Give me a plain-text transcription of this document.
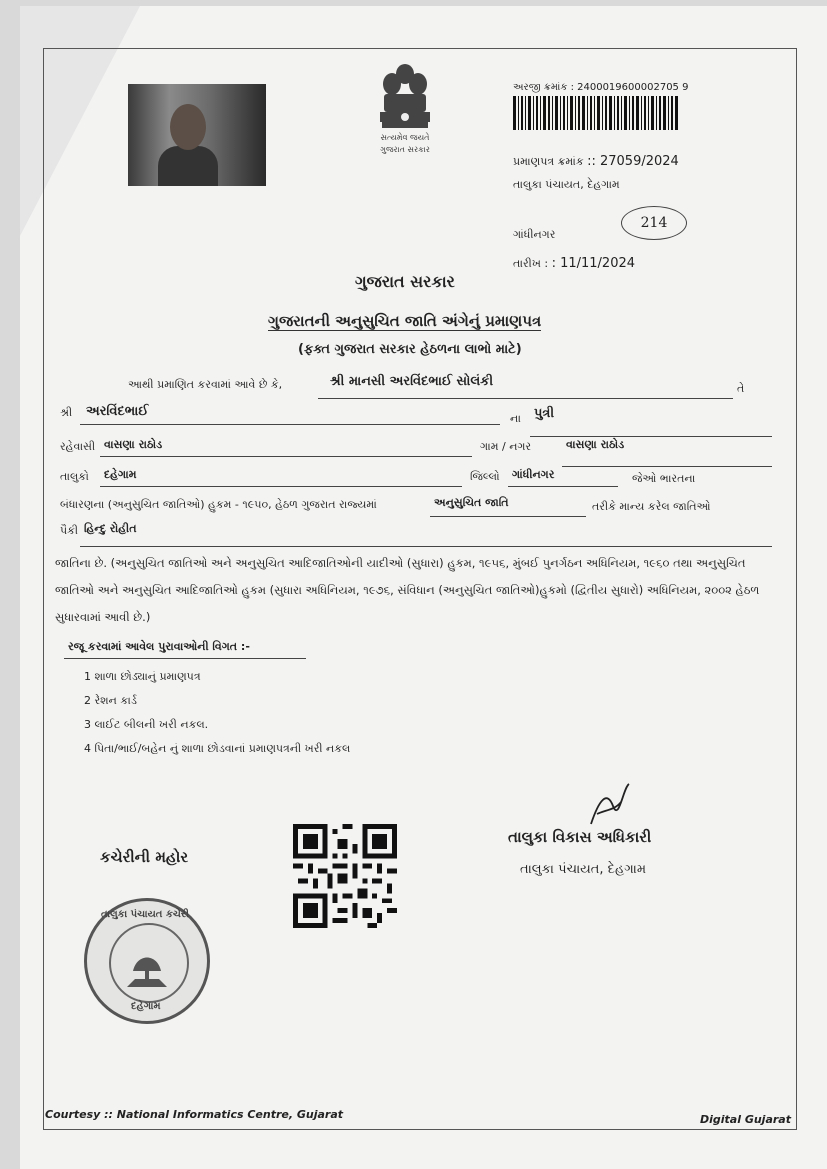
સત્યમેવ જયતે
ગુજરાત સરકાર
અરજી ક્રમાંક : 2400019600002705 9
પ્રમાણપત્ર ક્રમાંક :: 27059/2024
તાલુકા પંચાયત, દેહગામ
ગાંધીનગર
214
તારીખ : : 11/11/2024
ગુજરાત સરકાર
ગુજરાતની અનુસુચિત જાતિ અંગેનું પ્રમાણપત્ર
(ફક્ત ગુજરાત સરકાર હેઠળના લાભો માટે)
આથી પ્રમાણિત કરવામાં આવે છે કે,	શ્રી માનસી અરવિંદભાઈ સોલંકી	તે
શ્રી અરવિંદભાઈ	ના પુત્રી
રહેવાસી વાસણા રાઠોડ	ગામ / નગર	વાસણા રાઠોડ
તાલુકો દહેગામ	જિલ્લો ગાંધીનગર	જેઓ ભારતના
બંધારણના (અનુસુચિત જાતિઓ) હુકમ - ૧૯૫૦, હેઠળ ગુજરાત રાજ્યમાં	અનુસુચિત જાતિ	તરીકે માન્ય કરેલ જાતિઓ
પૈકી હિન્દુ રોહીત
જાતિના છે. (અનુસુચિત જાતિઓ અને અનુસુચિત આદિજાતિઓની યાદીઓ (સુધારા) હુકમ, ૧૯૫૬, મુંબઈ પુનર્ગઠન અધિનિયમ, ૧૯૬૦ તથા અનુસુચિત જાતિઓ અને અનુસુચિત આદિજાતિઓ હુકમ (સુધારા અધિનિયમ, ૧૯૭૬, સંવિધાન (અનુસુચિત જાતિઓ)હુકમો (દ્વિતીય સુધારો) અધિનિયમ, ૨૦૦૨ હેઠળ સુધારવામાં આવી છે.)
રજૂ કરવામાં આવેલ પુરાવાઓની વિગત :-
1 શાળા છોડ્યાનું પ્રમાણપત્ર
2 રેશન કાર્ડ
3 લાઈટ બીલની ખરી નકલ.
4 પિતા/ભાઈ/બહેન નું શાળા છોડવાનાં પ્રમાણપત્રની ખરી નકલ
તાલુકા વિકાસ અધિકારી
તાલુકા પંચાયત, દેહગામ
કચેરીની મહોર
તાલુકા પંચાયત કચેરી
દહેગામ
Courtesy :: National Informatics Centre, Gujarat	Digital Gujarat
